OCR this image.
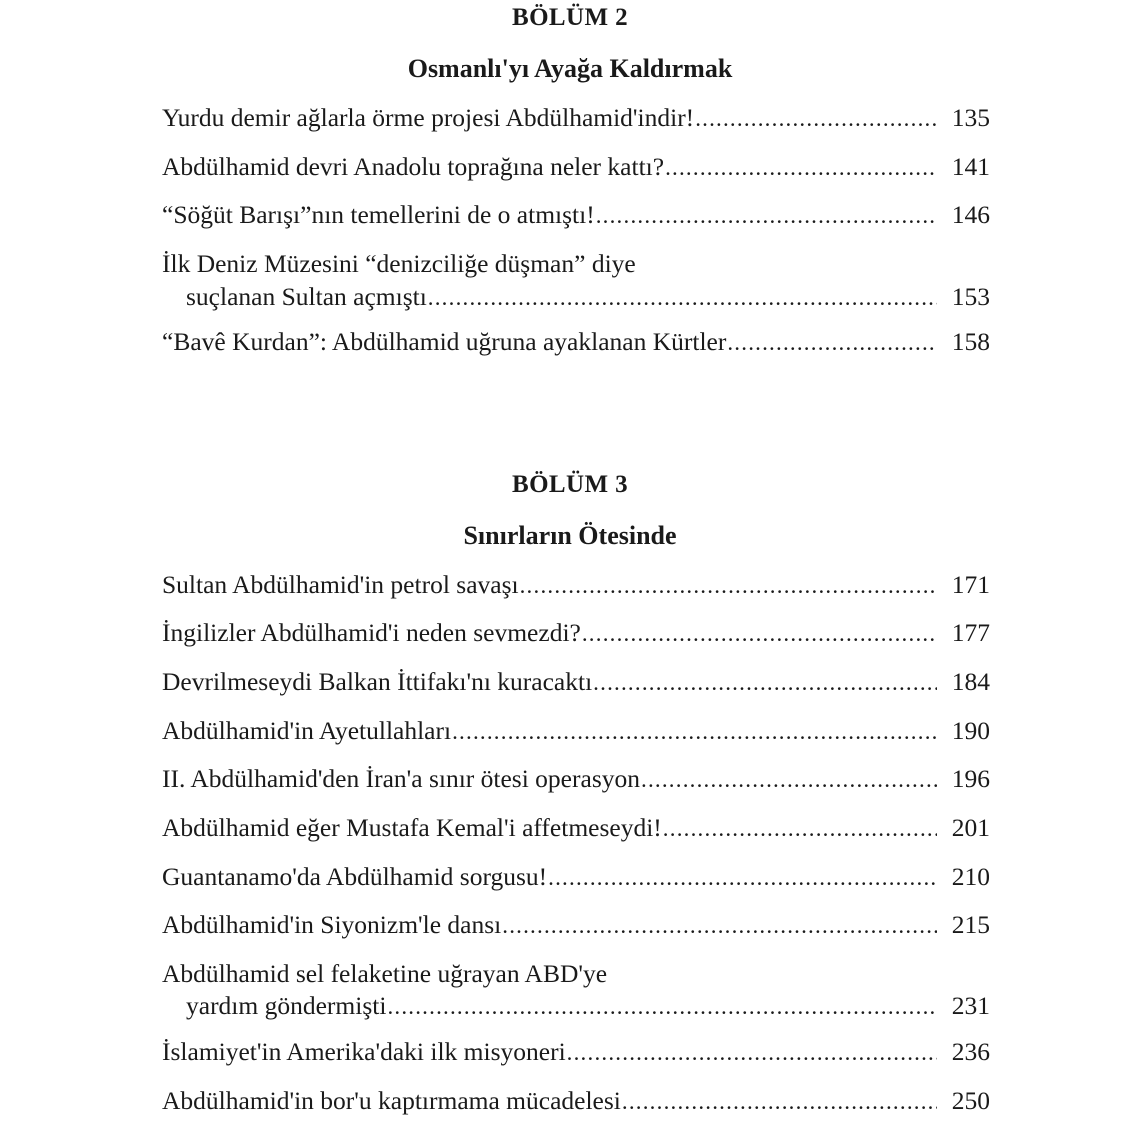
BÖLÜM 2
Osmanlı'yı Ayağa Kaldırmak
Yurdu demir ağlarla örme projesi Abdülhamid'indir! .....	135
Abdülhamid devri Anadolu toprağına neler kattı? .....	141
“Söğüt Barışı”nın temellerini de o atmıştı! .....	146
İlk Deniz Müzesini “denizciliğe düşman” diye
suçlanan Sultan açmıştı .....	153
“Bavê Kurdan”: Abdülhamid uğruna ayaklanan Kürtler .....	158
BÖLÜM 3
Sınırların Ötesinde
Sultan Abdülhamid'in petrol savaşı .....	171
İngilizler Abdülhamid'i neden sevmezdi? .....	177
Devrilmeseydi Balkan İttifakı'nı kuracaktı .....	184
Abdülhamid'in Ayetullahları .....	190
II. Abdülhamid'den İran'a sınır ötesi operasyon .....	196
Abdülhamid eğer Mustafa Kemal'i affetmeseydi! .....	201
Guantanamo'da Abdülhamid sorgusu! .....	210
Abdülhamid'in Siyonizm'le dansı .....	215
Abdülhamid sel felaketine uğrayan ABD'ye
yardım göndermişti .....	231
İslamiyet'in Amerika'daki ilk misyoneri .....	236
Abdülhamid'in bor'u kaptırmama mücadelesi .....	250
